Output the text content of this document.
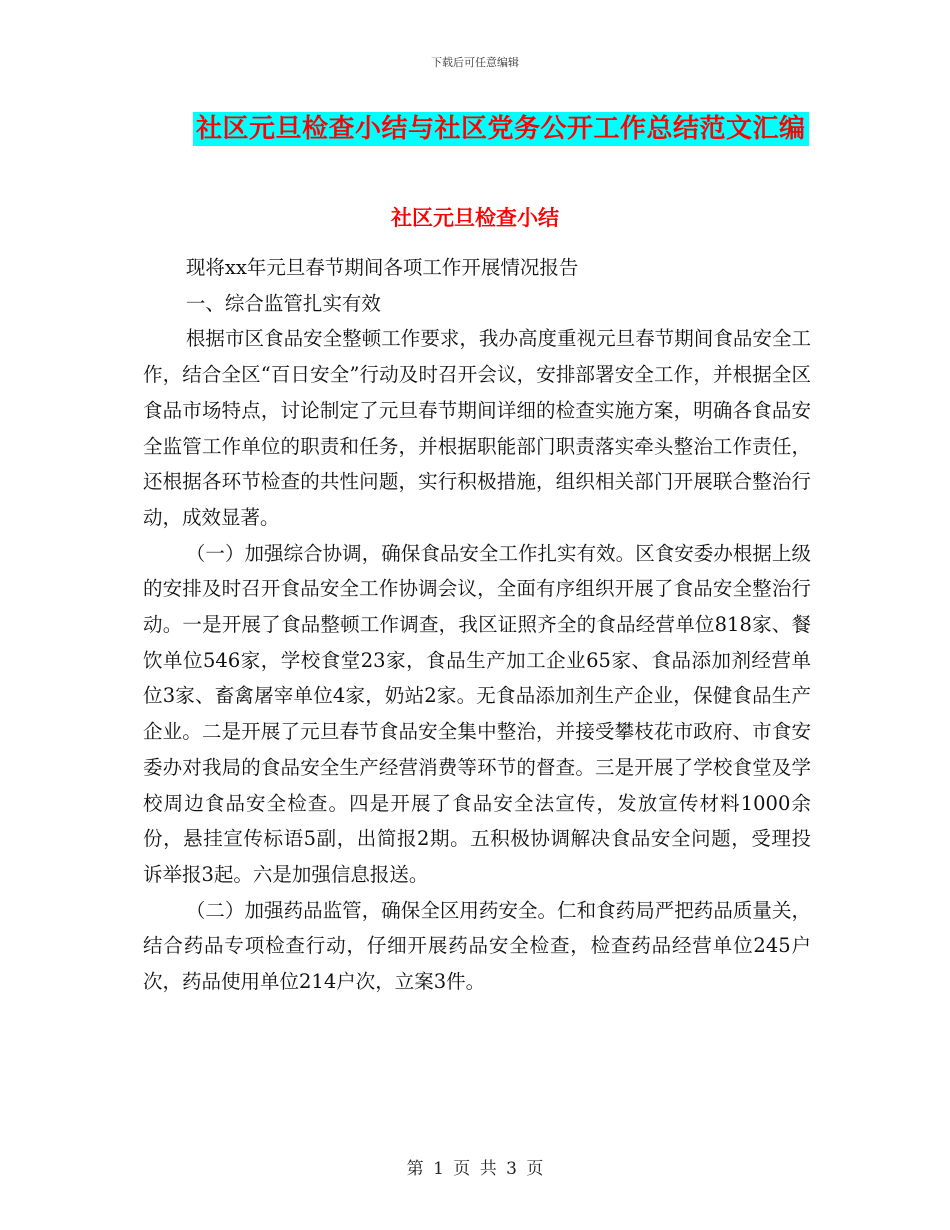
下载后可任意编辑
社区元旦检查小结与社区党务公开工作总结范文汇编
社区元旦检查小结

现将xx年元旦春节期间各项工作开展情况报告

一、综合监管扎实有效

根据市区食品安全整顿工作要求，我办高度重视元旦春节期间食品安全工作，结合全区“百日安全”行动及时召开会议，安排部署安全工作，并根据全区食品市场特点，讨论制定了元旦春节期间详细的检查实施方案，明确各食品安全监管工作单位的职责和任务，并根据职能部门职责落实牵头整治工作责任，还根据各环节检查的共性问题，实行积极措施，组织相关部门开展联合整治行动，成效显著。

（一）加强综合协调，确保食品安全工作扎实有效。区食安委办根据上级的安排及时召开食品安全工作协调会议，全面有序组织开展了食品安全整治行动。一是开展了食品整顿工作调查，我区证照齐全的食品经营单位818家、餐饮单位546家，学校食堂23家，食品生产加工企业65家、食品添加剂经营单位3家、畜禽屠宰单位4家，奶站2家。无食品添加剂生产企业，保健食品生产企业。二是开展了元旦春节食品安全集中整治，并接受攀枝花市政府、市食安委办对我局的食品安全生产经营消费等环节的督查。三是开展了学校食堂及学校周边食品安全检查。四是开展了食品安全法宣传，发放宣传材料1000余份，悬挂宣传标语5副，出简报2期。五积极协调解决食品安全问题，受理投诉举报3起。六是加强信息报送。

（二）加强药品监管，确保全区用药安全。仁和食药局严把药品质量关，结合药品专项检查行动，仔细开展药品安全检查，检查药品经营单位245户次，药品使用单位214户次，立案3件。

第 1 页 共 3 页
